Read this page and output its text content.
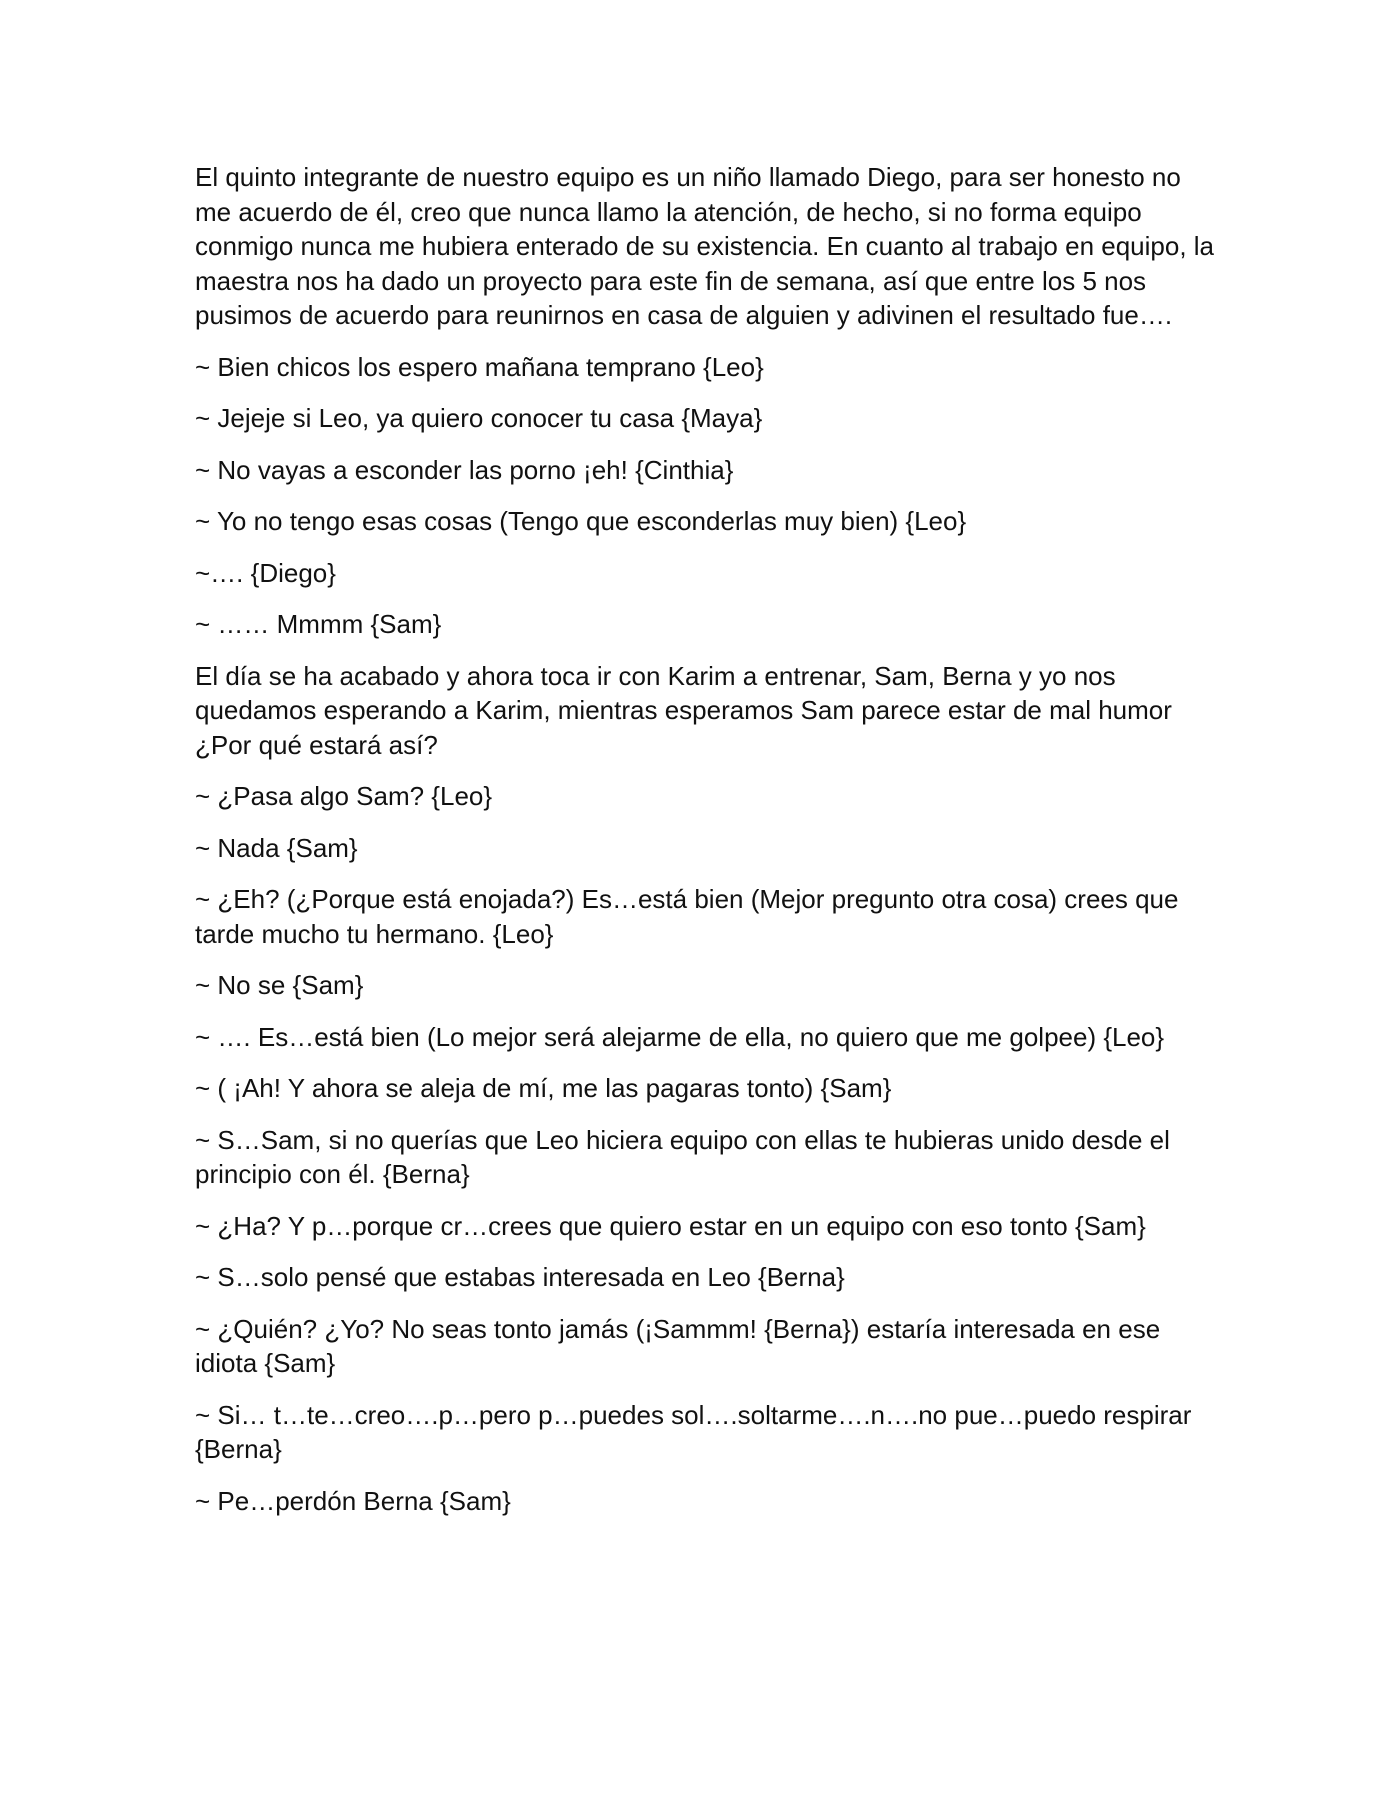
El quinto integrante de nuestro equipo es un niño llamado Diego, para ser honesto no me acuerdo de él, creo que nunca llamo la atención, de hecho, si no forma equipo conmigo nunca me hubiera enterado de su existencia. En cuanto al trabajo en equipo, la maestra nos ha dado un proyecto para este fin de semana, así que entre los 5 nos pusimos de acuerdo para reunirnos en casa de alguien y adivinen el resultado fue….

~ Bien chicos los espero mañana temprano {Leo}

~ Jejeje si Leo, ya quiero conocer tu casa {Maya}

~ No vayas a esconder las porno ¡eh! {Cinthia}

~ Yo no tengo esas cosas (Tengo que esconderlas muy bien) {Leo}

~…. {Diego}

~ …… Mmmm {Sam}

El día se ha acabado y ahora toca ir con Karim a entrenar, Sam, Berna y yo nos quedamos esperando a Karim, mientras esperamos Sam parece estar de mal humor ¿Por qué estará así?

~ ¿Pasa algo Sam? {Leo}

~ Nada {Sam}

~ ¿Eh? (¿Porque está enojada?) Es…está bien (Mejor pregunto otra cosa) crees que tarde mucho tu hermano. {Leo}

~ No se {Sam}

~ …. Es…está bien (Lo mejor será alejarme de ella, no quiero que me golpee) {Leo}

~ ( ¡Ah! Y ahora se aleja de mí, me las pagaras tonto) {Sam}

~ S…Sam, si no querías que Leo hiciera equipo con ellas te hubieras unido desde el principio con él. {Berna}

~ ¿Ha? Y p…porque cr…crees que quiero estar en un equipo con eso tonto {Sam}

~ S…solo pensé que estabas interesada en Leo {Berna}

~ ¿Quién? ¿Yo? No seas tonto jamás (¡Sammm! {Berna}) estaría interesada en ese idiota {Sam}

~ Si… t…te…creo….p…pero p…puedes sol….soltarme….n….no pue…puedo respirar {Berna}

~ Pe…perdón Berna {Sam}
